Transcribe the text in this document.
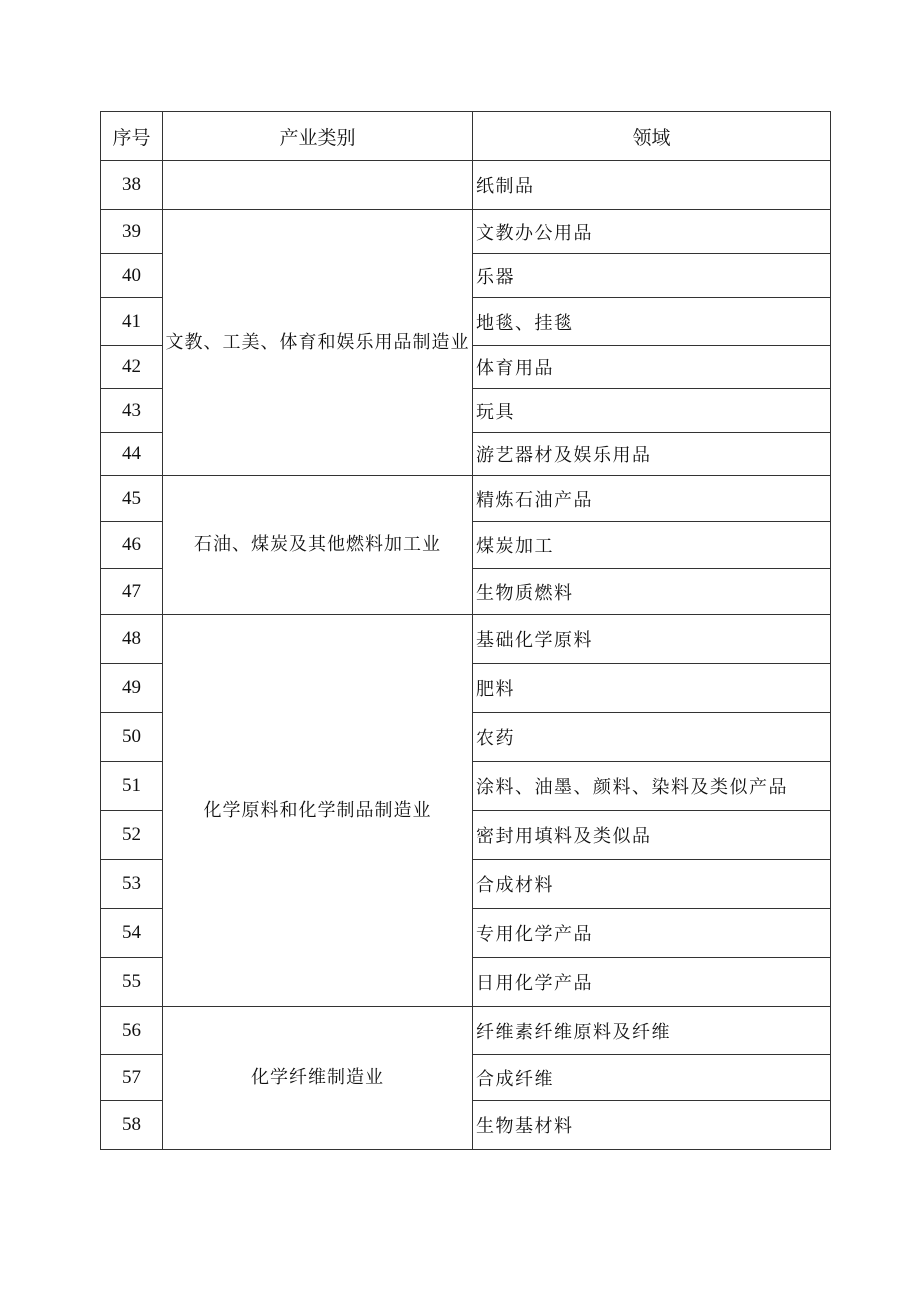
序号	产业类别	领域
38		纸制品
39	文教、工美、体育和娱乐用品制造业	文教办公用品
40		乐器
41		地毯、挂毯
42		体育用品
43		玩具
44		游艺器材及娱乐用品
45	石油、煤炭及其他燃料加工业	精炼石油产品
46		煤炭加工
47		生物质燃料
48	化学原料和化学制品制造业	基础化学原料
49		肥料
50		农药
51		涂料、油墨、颜料、染料及类似产品
52		密封用填料及类似品
53		合成材料
54		专用化学产品
55		日用化学产品
56	化学纤维制造业	纤维素纤维原料及纤维
57		合成纤维
58		生物基材料
